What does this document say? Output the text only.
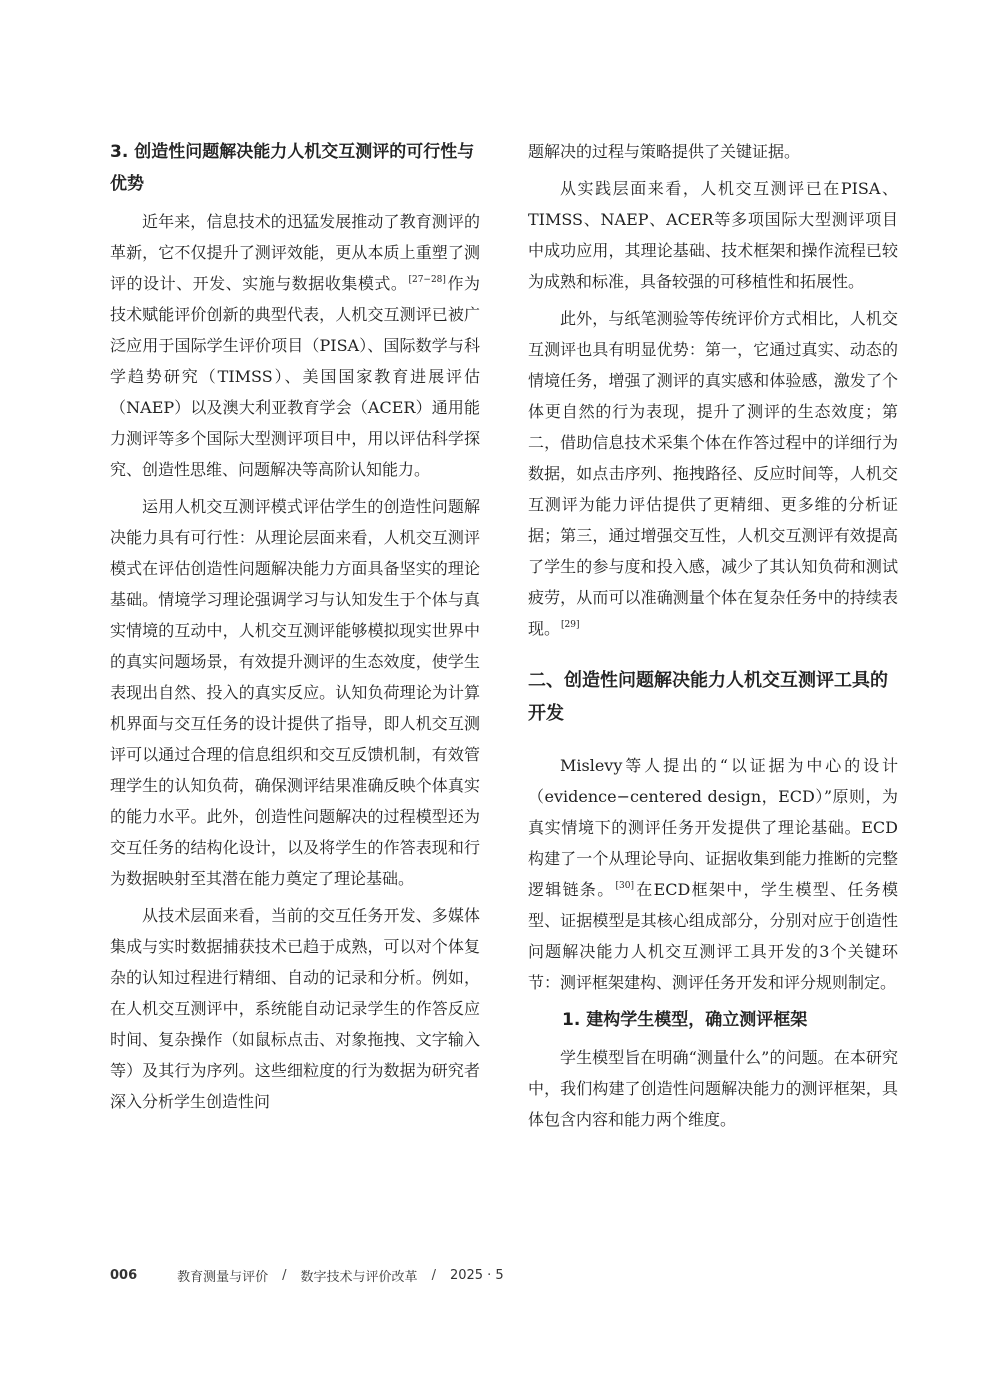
3. 创造性问题解决能力人机交互测评的可行性与优势

近年来，信息技术的迅猛发展推动了教育测评的革新，它不仅提升了测评效能，更从本质上重塑了测评的设计、开发、实施与数据收集模式。[27−28]作为技术赋能评价创新的典型代表，人机交互测评已被广泛应用于国际学生评价项目（PISA）、国际数学与科学趋势研究（TIMSS）、美国国家教育进展评估（NAEP）以及澳大利亚教育学会（ACER）通用能力测评等多个国际大型测评项目中，用以评估科学探究、创造性思维、问题解决等高阶认知能力。

运用人机交互测评模式评估学生的创造性问题解决能力具有可行性：从理论层面来看，人机交互测评模式在评估创造性问题解决能力方面具备坚实的理论基础。情境学习理论强调学习与认知发生于个体与真实情境的互动中，人机交互测评能够模拟现实世界中的真实问题场景，有效提升测评的生态效度，使学生表现出自然、投入的真实反应。认知负荷理论为计算机界面与交互任务的设计提供了指导，即人机交互测评可以通过合理的信息组织和交互反馈机制，有效管理学生的认知负荷，确保测评结果准确反映个体真实的能力水平。此外，创造性问题解决的过程模型还为交互任务的结构化设计，以及将学生的作答表现和行为数据映射至其潜在能力奠定了理论基础。

从技术层面来看，当前的交互任务开发、多媒体集成与实时数据捕获技术已趋于成熟，可以对个体复杂的认知过程进行精细、自动的记录和分析。例如，在人机交互测评中，系统能自动记录学生的作答反应时间、复杂操作（如鼠标点击、对象拖拽、文字输入等）及其行为序列。这些细粒度的行为数据为研究者深入分析学生创造性问

题解决的过程与策略提供了关键证据。

从实践层面来看，人机交互测评已在PISA、TIMSS、NAEP、ACER等多项国际大型测评项目中成功应用，其理论基础、技术框架和操作流程已较为成熟和标准，具备较强的可移植性和拓展性。

此外，与纸笔测验等传统评价方式相比，人机交互测评也具有明显优势：第一，它通过真实、动态的情境任务，增强了测评的真实感和体验感，激发了个体更自然的行为表现，提升了测评的生态效度；第二，借助信息技术采集个体在作答过程中的详细行为数据，如点击序列、拖拽路径、反应时间等，人机交互测评为能力评估提供了更精细、更多维的分析证据；第三，通过增强交互性，人机交互测评有效提高了学生的参与度和投入感，减少了其认知负荷和测试疲劳，从而可以准确测量个体在复杂任务中的持续表现。[29]

二、创造性问题解决能力人机交互测评工具的开发

Mislevy等人提出的“以证据为中心的设计（evidence−centered design，ECD）”原则，为真实情境下的测评任务开发提供了理论基础。ECD构建了一个从理论导向、证据收集到能力推断的完整逻辑链条。[30]在ECD框架中，学生模型、任务模型、证据模型是其核心组成部分，分别对应于创造性问题解决能力人机交互测评工具开发的3个关键环节：测评框架建构、测评任务开发和评分规则制定。

1. 建构学生模型，确立测评框架

学生模型旨在明确“测量什么”的问题。在本研究中，我们构建了创造性问题解决能力的测评框架，具体包含内容和能力两个维度。

006	教育测量与评价 / 数字技术与评价改革 / 2025 · 5
